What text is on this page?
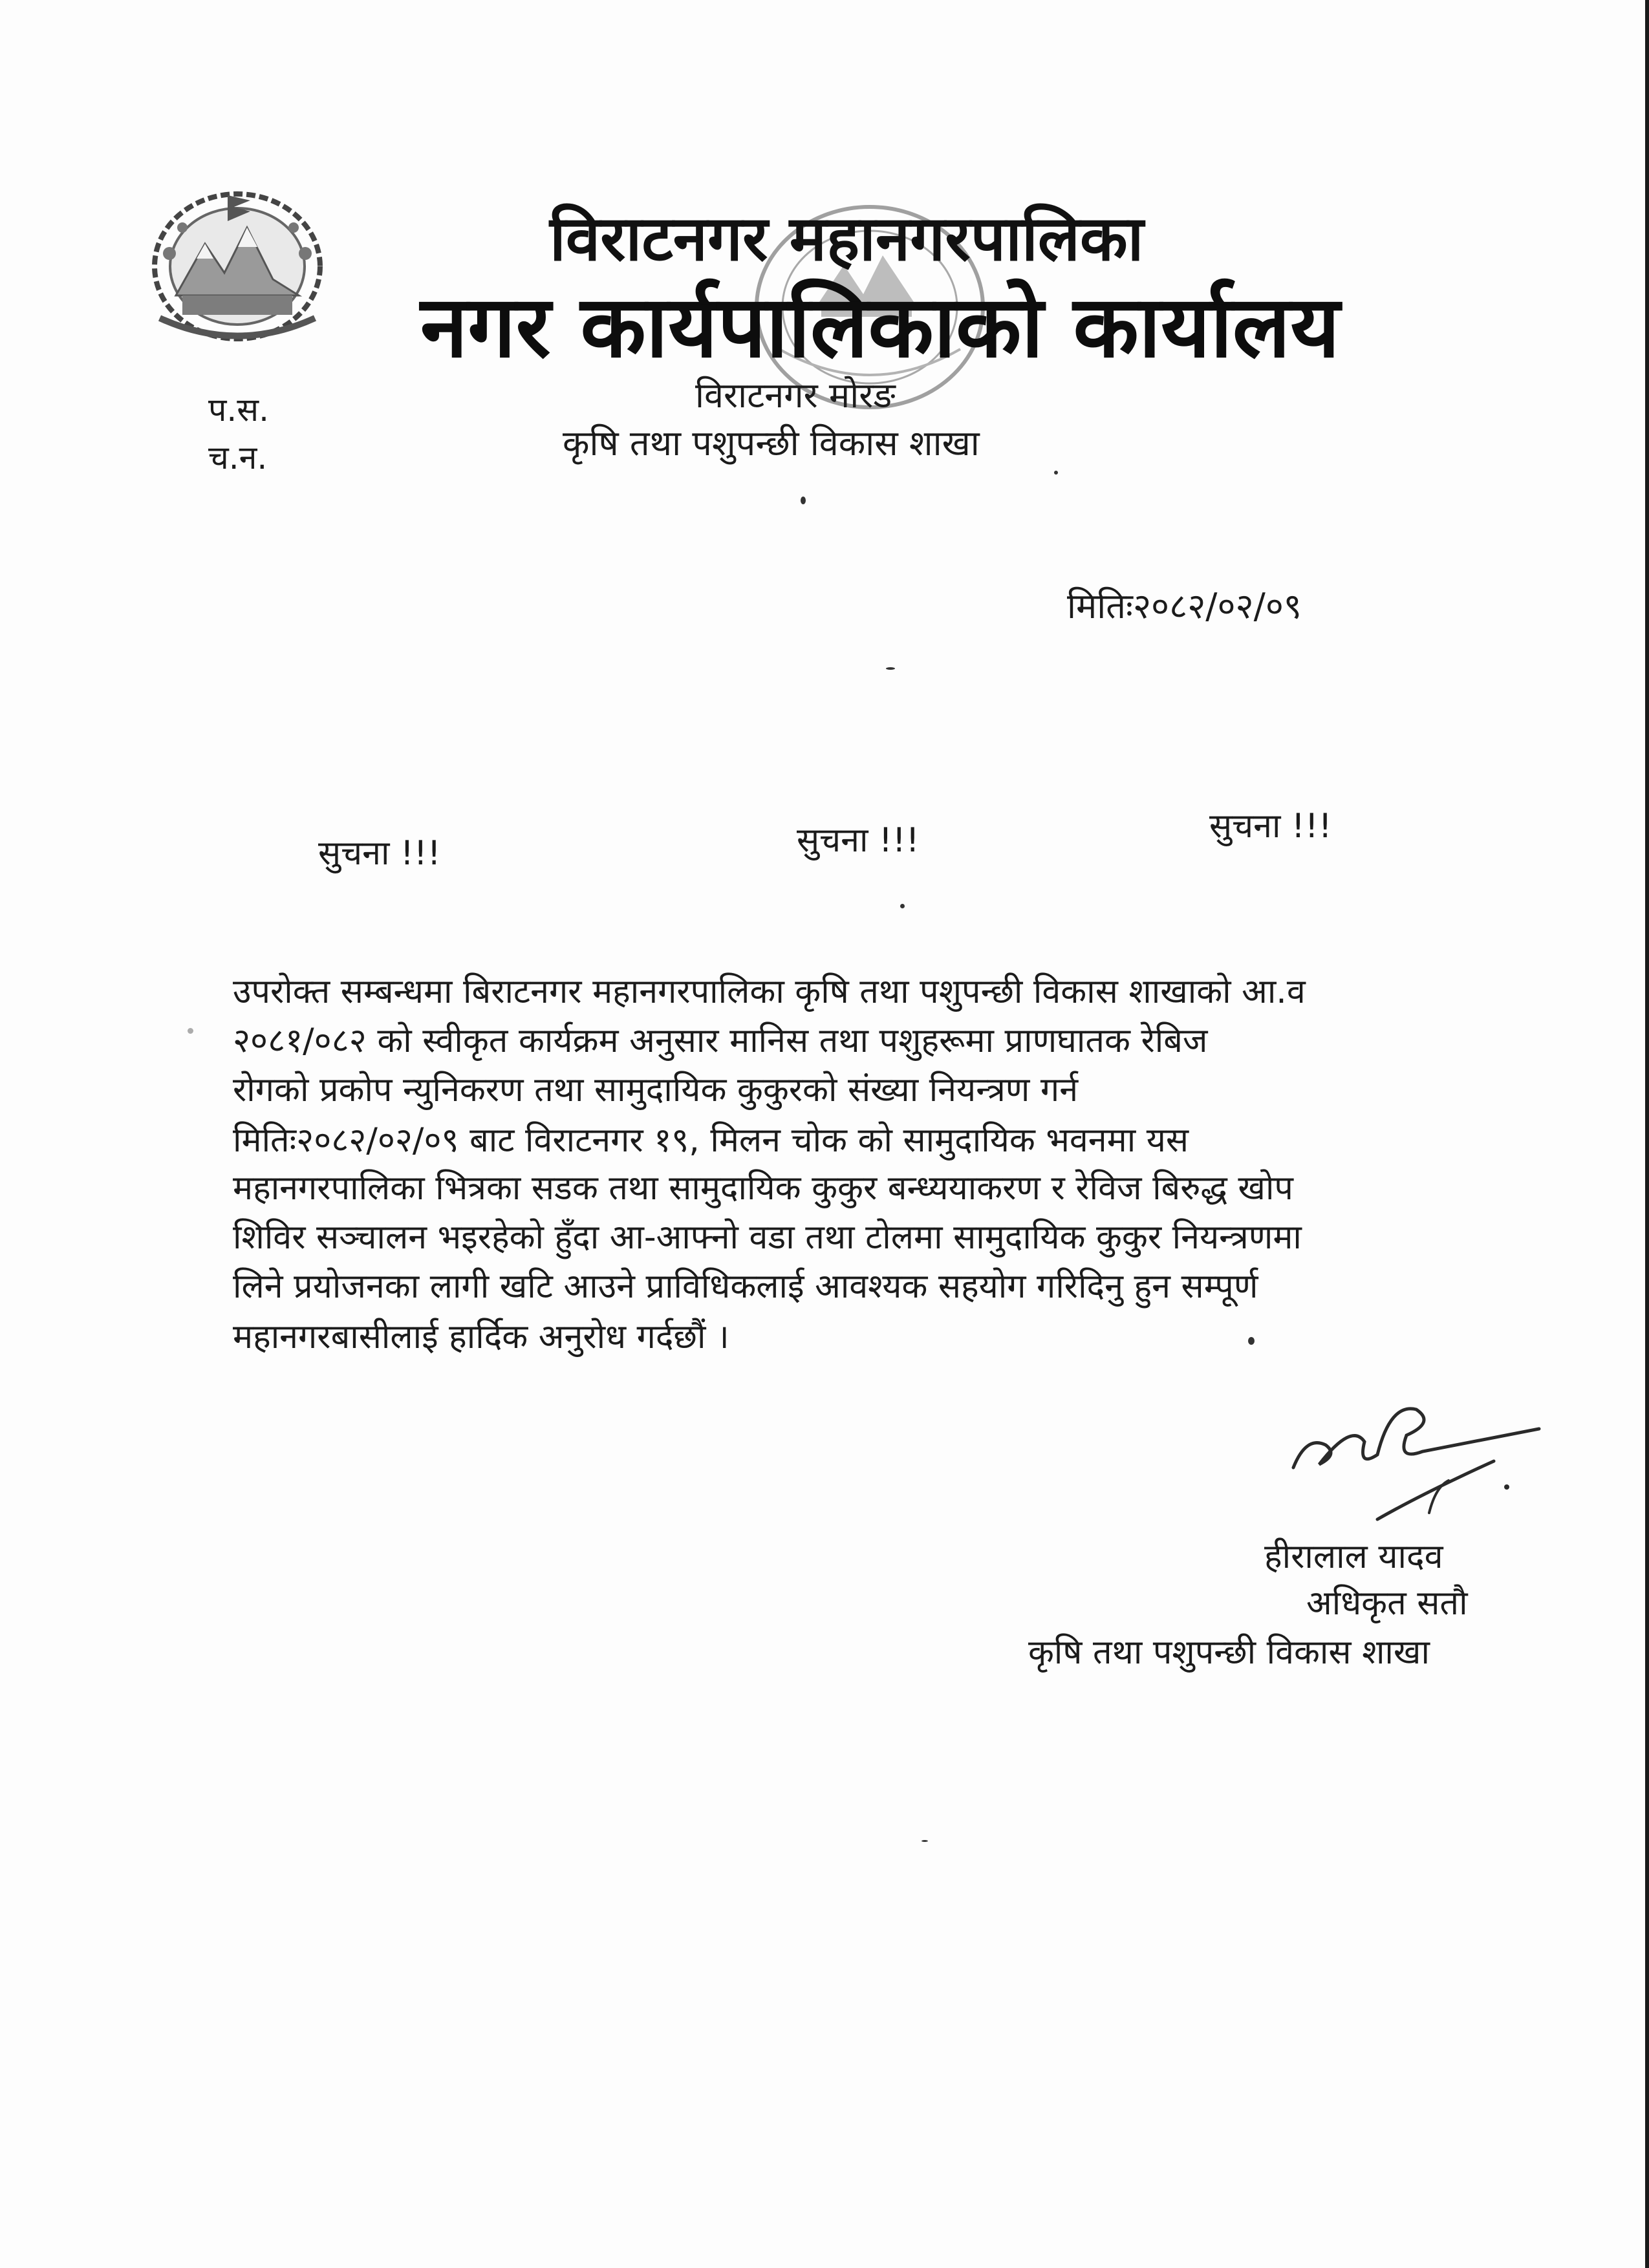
विराटनगर महानगरपालिका
नगर कार्यपालिकाको कार्यालय
विराटनगर मोरङ
कृषि तथा पशुपन्छी विकास शाखा
प.स.
च.न.
मितिः२०८२/०२/०९
सुचना !!!	सुचना !!!	सुचना !!!
उपरोक्त सम्बन्धमा बिराटनगर महानगरपालिका कृषि तथा पशुपन्छी विकास शाखाको आ.व
२०८१/०८२ को स्वीकृत कार्यक्रम अनुसार मानिस तथा पशुहरूमा प्राणघातक रेबिज
रोगको प्रकोप न्युनिकरण तथा सामुदायिक कुकुरको संख्या नियन्त्रण गर्न
मितिः२०८२/०२/०९ बाट विराटनगर १९, मिलन चोक को सामुदायिक भवनमा यस
महानगरपालिका भित्रका सडक तथा सामुदायिक कुकुर बन्ध्ययाकरण र रेविज बिरुद्ध खोप
शिविर सञ्चालन भइरहेको हुँदा आ-आफ्नो वडा तथा टोलमा सामुदायिक कुकुर नियन्त्रणमा
लिने प्रयोजनका लागी खटि आउने प्राविधिकलाई आवश्यक सहयोग गरिदिनु हुन सम्पूर्ण
महानगरबासीलाई हार्दिक अनुरोध गर्दछौं ।
हीरालाल यादव
अधिकृत सतौ
कृषि तथा पशुपन्छी विकास शाखा
